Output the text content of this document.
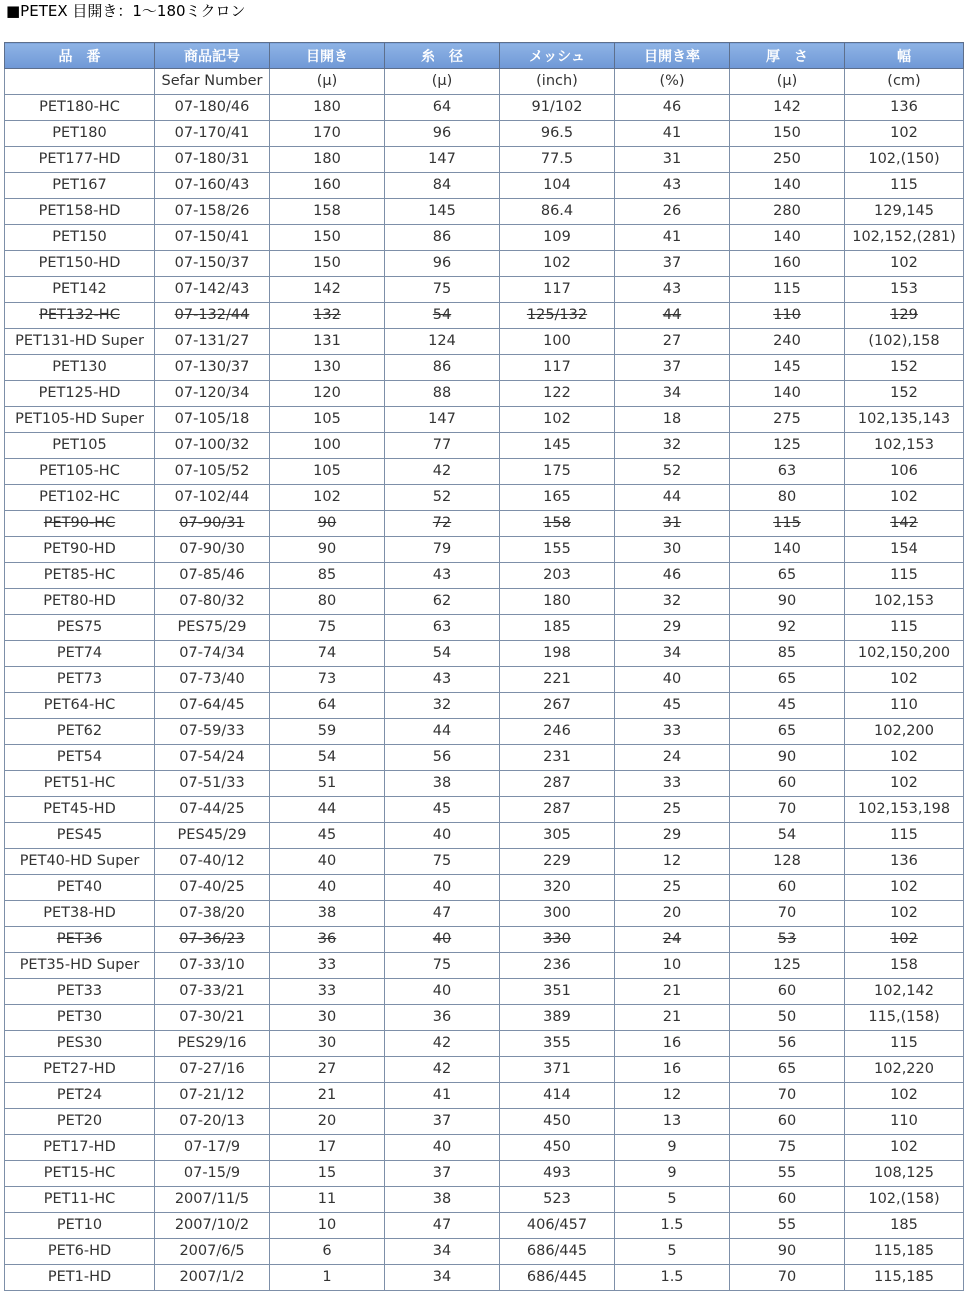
■PETEX 目開き：1～180ミクロン
品　番	商品記号	目開き	糸　径	メッシュ	目開き率	厚　さ	幅
	Sefar Number	(μ)	(μ)	(inch)	(%)	(μ)	(cm)
PET180-HC	07-180/46	180	64	91/102	46	142	136
PET180	07-170/41	170	96	96.5	41	150	102
PET177-HD	07-180/31	180	147	77.5	31	250	102,(150)
PET167	07-160/43	160	84	104	43	140	115
PET158-HD	07-158/26	158	145	86.4	26	280	129,145
PET150	07-150/41	150	86	109	41	140	102,152,(281)
PET150-HD	07-150/37	150	96	102	37	160	102
PET142	07-142/43	142	75	117	43	115	153
PET132-HC	07-132/44	132	54	125/132	44	110	129
PET131-HD Super	07-131/27	131	124	100	27	240	(102),158
PET130	07-130/37	130	86	117	37	145	152
PET125-HD	07-120/34	120	88	122	34	140	152
PET105-HD Super	07-105/18	105	147	102	18	275	102,135,143
PET105	07-100/32	100	77	145	32	125	102,153
PET105-HC	07-105/52	105	42	175	52	63	106
PET102-HC	07-102/44	102	52	165	44	80	102
PET90-HC	07-90/31	90	72	158	31	115	142
PET90-HD	07-90/30	90	79	155	30	140	154
PET85-HC	07-85/46	85	43	203	46	65	115
PET80-HD	07-80/32	80	62	180	32	90	102,153
PES75	PES75/29	75	63	185	29	92	115
PET74	07-74/34	74	54	198	34	85	102,150,200
PET73	07-73/40	73	43	221	40	65	102
PET64-HC	07-64/45	64	32	267	45	45	110
PET62	07-59/33	59	44	246	33	65	102,200
PET54	07-54/24	54	56	231	24	90	102
PET51-HC	07-51/33	51	38	287	33	60	102
PET45-HD	07-44/25	44	45	287	25	70	102,153,198
PES45	PES45/29	45	40	305	29	54	115
PET40-HD Super	07-40/12	40	75	229	12	128	136
PET40	07-40/25	40	40	320	25	60	102
PET38-HD	07-38/20	38	47	300	20	70	102
PET36	07-36/23	36	40	330	24	53	102
PET35-HD Super	07-33/10	33	75	236	10	125	158
PET33	07-33/21	33	40	351	21	60	102,142
PET30	07-30/21	30	36	389	21	50	115,(158)
PES30	PES29/16	30	42	355	16	56	115
PET27-HD	07-27/16	27	42	371	16	65	102,220
PET24	07-21/12	21	41	414	12	70	102
PET20	07-20/13	20	37	450	13	60	110
PET17-HD	07-17/9	17	40	450	9	75	102
PET15-HC	07-15/9	15	37	493	9	55	108,125
PET11-HC	2007/11/5	11	38	523	5	60	102,(158)
PET10	2007/10/2	10	47	406/457	1.5	55	185
PET6-HD	2007/6/5	6	34	686/445	5	90	115,185
PET1-HD	2007/1/2	1	34	686/445	1.5	70	115,185
